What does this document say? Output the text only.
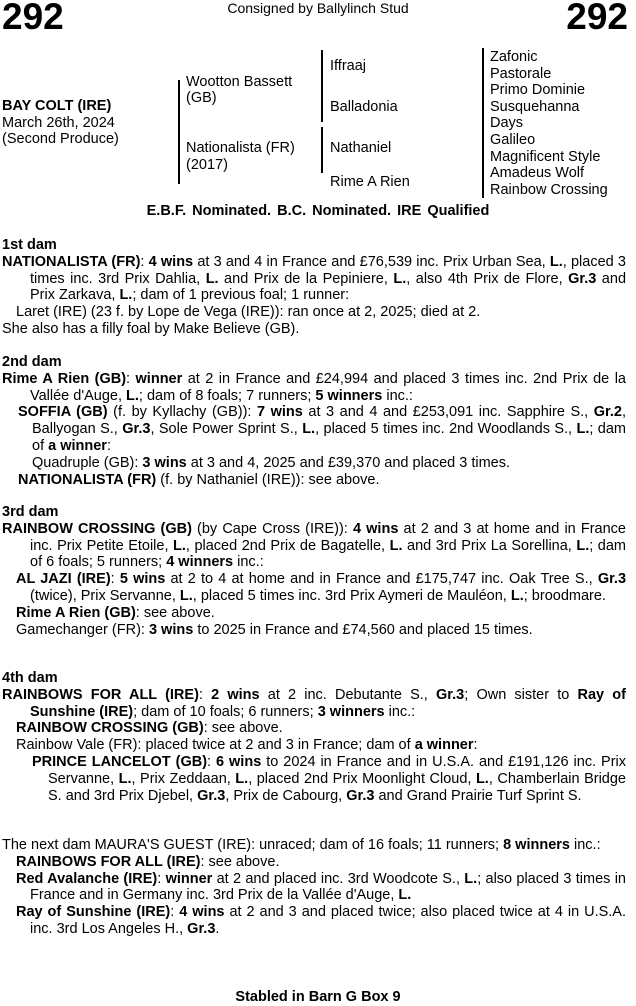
292	Consigned by Ballylinch Stud	292
BAY COLT (IRE)
March 26th, 2024
(Second Produce)
Wootton Bassett
(GB)
Nationalista (FR)
(2017)
Iffraaj
Balladonia
Nathaniel
Rime A Rien
Zafonic
Pastorale
Primo Dominie
Susquehanna
Days
Galileo
Magnificent Style
Amadeus Wolf
Rainbow Crossing
E.B.F. Nominated. B.C. Nominated. IRE Qualified
1st dam
NATIONALISTA (FR): 4 wins at 3 and 4 in France and £76,539 inc. Prix Urban Sea, L., placed 3 times inc. 3rd Prix Dahlia, L. and Prix de la Pepiniere, L., also 4th Prix de Flore, Gr.3 and Prix Zarkava, L.; dam of 1 previous foal; 1 runner:
Laret (IRE) (23 f. by Lope de Vega (IRE)): ran once at 2, 2025; died at 2.
She also has a filly foal by Make Believe (GB).
2nd dam
Rime A Rien (GB): winner at 2 in France and £24,994 and placed 3 times inc. 2nd Prix de la Vallée d'Auge, L.; dam of 8 foals; 7 runners; 5 winners inc.:
SOFFIA (GB) (f. by Kyllachy (GB)): 7 wins at 3 and 4 and £253,091 inc. Sapphire S., Gr.2, Ballyogan S., Gr.3, Sole Power Sprint S., L., placed 5 times inc. 2nd Woodlands S., L.; dam of a winner:
Quadruple (GB): 3 wins at 3 and 4, 2025 and £39,370 and placed 3 times.
NATIONALISTA (FR) (f. by Nathaniel (IRE)): see above.
3rd dam
RAINBOW CROSSING (GB) (by Cape Cross (IRE)): 4 wins at 2 and 3 at home and in France inc. Prix Petite Etoile, L., placed 2nd Prix de Bagatelle, L. and 3rd Prix La Sorellina, L.; dam of 6 foals; 5 runners; 4 winners inc.:
AL JAZI (IRE): 5 wins at 2 to 4 at home and in France and £175,747 inc. Oak Tree S., Gr.3 (twice), Prix Servanne, L., placed 5 times inc. 3rd Prix Aymeri de Mauléon, L.; broodmare.
Rime A Rien (GB): see above.
Gamechanger (FR): 3 wins to 2025 in France and £74,560 and placed 15 times.
4th dam
RAINBOWS FOR ALL (IRE): 2 wins at 2 inc. Debutante S., Gr.3; Own sister to Ray of Sunshine (IRE); dam of 10 foals; 6 runners; 3 winners inc.:
RAINBOW CROSSING (GB): see above.
Rainbow Vale (FR): placed twice at 2 and 3 in France; dam of a winner:
PRINCE LANCELOT (GB): 6 wins to 2024 in France and in U.S.A. and £191,126 inc. Prix Servanne, L., Prix Zeddaan, L., placed 2nd Prix Moonlight Cloud, L., Chamberlain Bridge S. and 3rd Prix Djebel, Gr.3, Prix de Cabourg, Gr.3 and Grand Prairie Turf Sprint S.
The next dam MAURA'S GUEST (IRE): unraced; dam of 16 foals; 11 runners; 8 winners inc.:
RAINBOWS FOR ALL (IRE): see above.
Red Avalanche (IRE): winner at 2 and placed inc. 3rd Woodcote S., L.; also placed 3 times in France and in Germany inc. 3rd Prix de la Vallée d'Auge, L.
Ray of Sunshine (IRE): 4 wins at 2 and 3 and placed twice; also placed twice at 4 in U.S.A. inc. 3rd Los Angeles H., Gr.3.
Stabled in Barn G Box 9
